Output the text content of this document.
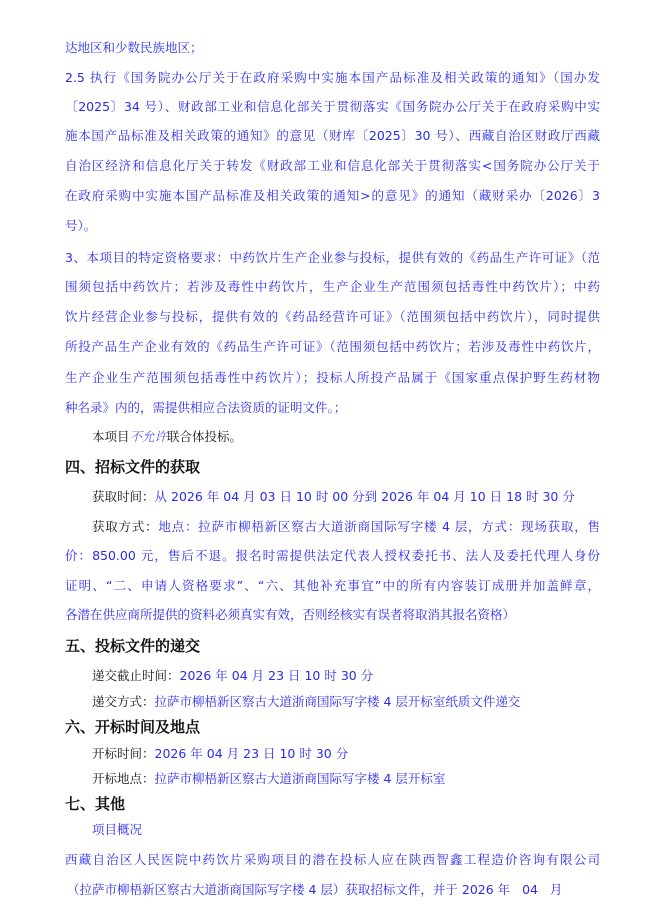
达地区和少数民族地区；
2.5 执行《国务院办公厅关于在政府采购中实施本国产品标准及相关政策的通知》（国办发
〔2025〕34 号）、财政部工业和信息化部关于贯彻落实《国务院办公厅关于在政府采购中实
施本国产品标准及相关政策的通知》的意见（财库〔2025〕30 号）、西藏自治区财政厅西藏
自治区经济和信息化厅关于转发《财政部工业和信息化部关于贯彻落实<国务院办公厅关于
在政府采购中实施本国产品标准及相关政策的通知>的意见》的通知（藏财采办〔2026〕3
号）。
3、本项目的特定资格要求：中药饮片生产企业参与投标，提供有效的《药品生产许可证》（范
围须包括中药饮片；若涉及毒性中药饮片，生产企业生产范围须包括毒性中药饮片）；中药
饮片经营企业参与投标，提供有效的《药品经营许可证》（范围须包括中药饮片），同时提供
所投产品生产企业有效的《药品生产许可证》（范围须包括中药饮片；若涉及毒性中药饮片，
生产企业生产范围须包括毒性中药饮片）；投标人所投产品属于《国家重点保护野生药材物
种名录》内的，需提供相应合法资质的证明文件。；
本项目不允许联合体投标。
四、招标文件的获取
获取时间：从 2026 年 04 月 03 日 10 时 00 分到 2026 年 04 月 10 日 18 时 30 分
获取方式：地点：拉萨市柳梧新区察古大道浙商国际写字楼 4 层，方式：现场获取，售
价：850.00 元，售后不退。报名时需提供法定代表人授权委托书、法人及委托代理人身份
证明、“二、申请人资格要求”、“六、其他补充事宜”中的所有内容装订成册并加盖鲜章，
各潜在供应商所提供的资料必须真实有效，否则经核实有误者将取消其报名资格）
五、投标文件的递交
递交截止时间：2026 年 04 月 23 日 10 时 30 分
递交方式：拉萨市柳梧新区察古大道浙商国际写字楼 4 层开标室纸质文件递交
六、开标时间及地点
开标时间：2026 年 04 月 23 日 10 时 30 分
开标地点：拉萨市柳梧新区察古大道浙商国际写字楼 4 层开标室
七、其他
项目概况
西藏自治区人民医院中药饮片采购项目的潜在投标人应在陕西智鑫工程造价咨询有限公司
（拉萨市柳梧新区察古大道浙商国际写字楼 4 层）获取招标文件，并于 2026 年   04   月
